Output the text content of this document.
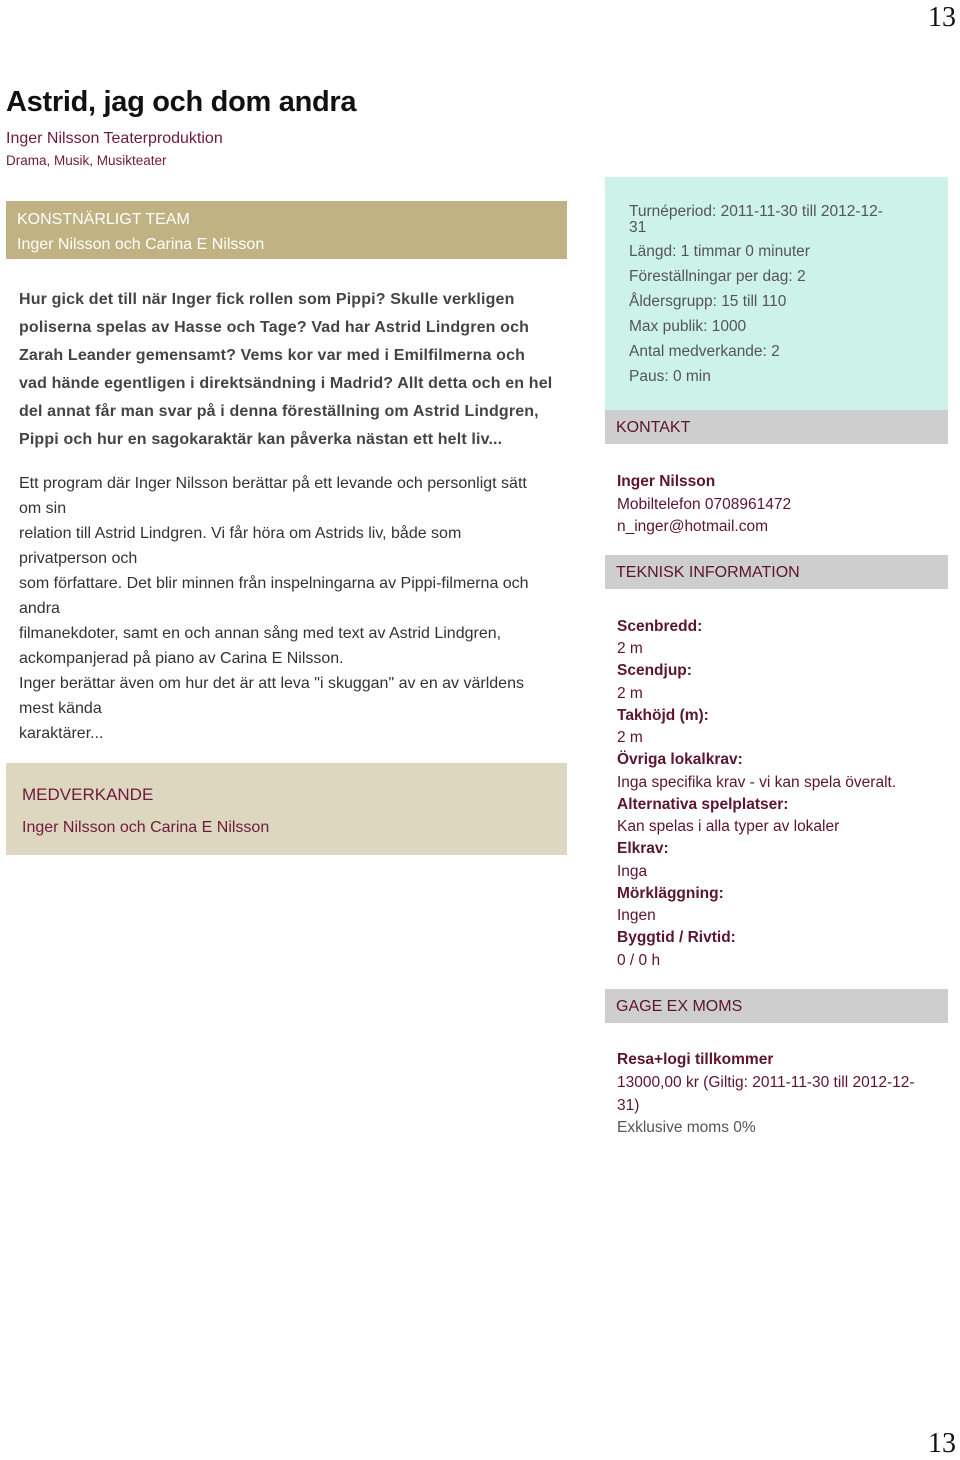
13
Astrid, jag och dom andra
Inger Nilsson Teaterproduktion
Drama, Musik, Musikteater
KONSTNÄRLIGT TEAM
Inger Nilsson och Carina E Nilsson
Hur gick det till när Inger fick rollen som Pippi? Skulle verkligen
poliserna spelas av Hasse och Tage? Vad har Astrid Lindgren och
Zarah Leander gemensamt? Vems kor var med i Emilfilmerna och
vad hände egentligen i direktsändning i Madrid? Allt detta och en hel
del annat får man svar på i denna föreställning om Astrid Lindgren,
Pippi och hur en sagokaraktär kan påverka nästan ett helt liv...
Ett program där Inger Nilsson berättar på ett levande och personligt sätt
om sin
relation till Astrid Lindgren. Vi får höra om Astrids liv, både som
privatperson och
som författare. Det blir minnen från inspelningarna av Pippi-filmerna och
andra
filmanekdoter, samt en och annan sång med text av Astrid Lindgren,
ackompanjerad på piano av Carina E Nilsson.
Inger berättar även om hur det är att leva "i skuggan" av en av världens
mest kända
karaktärer...
MEDVERKANDE
Inger Nilsson och Carina E Nilsson
Turnéperiod: 2011-11-30 till 2012-12-
31
Längd: 1 timmar 0 minuter
Föreställningar per dag: 2
Åldersgrupp: 15 till 110
Max publik: 1000
Antal medverkande: 2
Paus: 0 min
KONTAKT
Inger Nilsson
Mobiltelefon 0708961472
n_inger@hotmail.com
TEKNISK INFORMATION
Scenbredd:
2 m
Scendjup:
2 m
Takhöjd (m):
2 m
Övriga lokalkrav:
Inga specifika krav - vi kan spela överalt.
Alternativa spelplatser:
Kan spelas i alla typer av lokaler
Elkrav:
Inga
Mörkläggning:
Ingen
Byggtid / Rivtid:
0 / 0 h
GAGE EX MOMS
Resa+logi tillkommer
13000,00 kr (Giltig: 2011-11-30 till 2012-12-
31)
Exklusive moms 0%
13
